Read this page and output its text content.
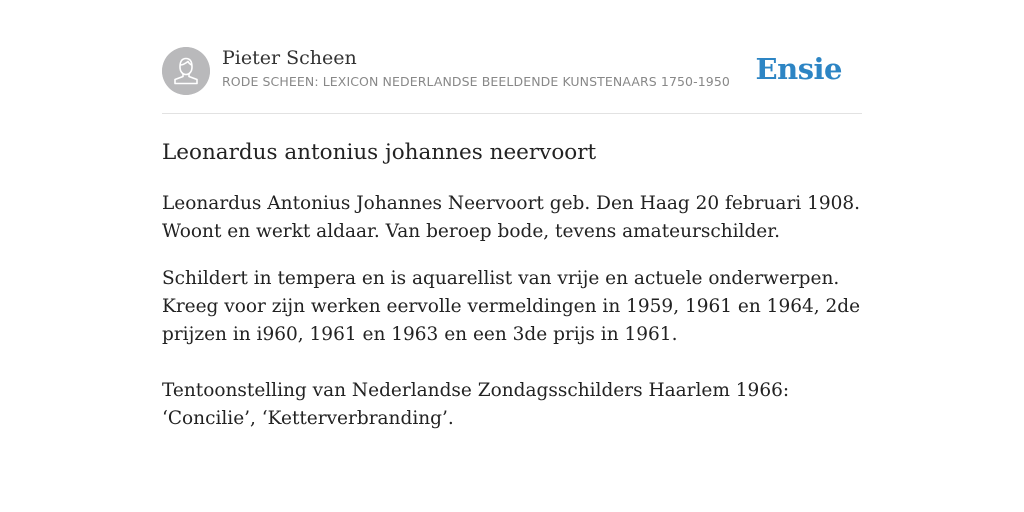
Pieter Scheen
RODE SCHEEN: LEXICON NEDERLANDSE BEELDENDE KUNSTENAARS 1750-1950 Ensie
Leonardus antonius johannes neervoort

Leonardus Antonius Johannes Neervoort geb. Den Haag 20 februari 1908. Woont en werkt aldaar. Van beroep bode, tevens amateurschilder.

Schildert in tempera en is aquarellist van vrije en actuele onderwerpen. Kreeg voor zijn werken eervolle vermeldingen in 1959, 1961 en 1964, 2de prijzen in i960, 1961 en 1963 en een 3de prijs in 1961.

Tentoonstelling van Nederlandse Zondagsschilders Haarlem 1966: ‘Concilie’, ‘Ketterverbranding’.
